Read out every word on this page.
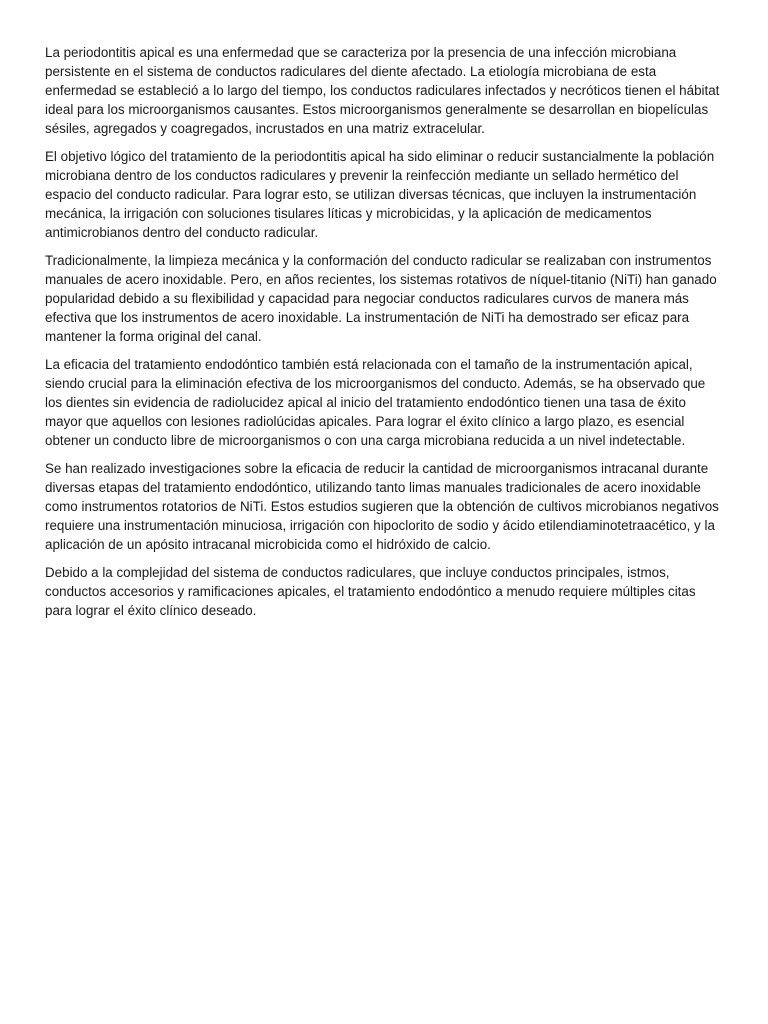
La periodontitis apical es una enfermedad que se caracteriza por la presencia de una infección microbiana persistente en el sistema de conductos radiculares del diente afectado. La etiología microbiana de esta enfermedad se estableció a lo largo del tiempo, los conductos radiculares infectados y necróticos tienen el hábitat ideal para los microorganismos causantes. Estos microorganismos generalmente se desarrollan en biopelículas sésiles, agregados y coagregados, incrustados en una matriz extracelular.

El objetivo lógico del tratamiento de la periodontitis apical ha sido eliminar o reducir sustancialmente la población microbiana dentro de los conductos radiculares y prevenir la reinfección mediante un sellado hermético del espacio del conducto radicular. Para lograr esto, se utilizan diversas técnicas, que incluyen la instrumentación mecánica, la irrigación con soluciones tisulares líticas y microbicidas, y la aplicación de medicamentos antimicrobianos dentro del conducto radicular.

Tradicionalmente, la limpieza mecánica y la conformación del conducto radicular se realizaban con instrumentos manuales de acero inoxidable. Pero, en años recientes, los sistemas rotativos de níquel-titanio (NiTi) han ganado popularidad debido a su flexibilidad y capacidad para negociar conductos radiculares curvos de manera más efectiva que los instrumentos de acero inoxidable. La instrumentación de NiTi ha demostrado ser eficaz para mantener la forma original del canal.

La eficacia del tratamiento endodóntico también está relacionada con el tamaño de la instrumentación apical, siendo crucial para la eliminación efectiva de los microorganismos del conducto. Además, se ha observado que los dientes sin evidencia de radiolucidez apical al inicio del tratamiento endodóntico tienen una tasa de éxito mayor que aquellos con lesiones radiolúcidas apicales. Para lograr el éxito clínico a largo plazo, es esencial obtener un conducto libre de microorganismos o con una carga microbiana reducida a un nivel indetectable.

Se han realizado investigaciones sobre la eficacia de reducir la cantidad de microorganismos intracanal durante diversas etapas del tratamiento endodóntico, utilizando tanto limas manuales tradicionales de acero inoxidable como instrumentos rotatorios de NiTi. Estos estudios sugieren que la obtención de cultivos microbianos negativos requiere una instrumentación minuciosa, irrigación con hipoclorito de sodio y ácido etilendiaminotetraacético, y la aplicación de un apósito intracanal microbicida como el hidróxido de calcio.

Debido a la complejidad del sistema de conductos radiculares, que incluye conductos principales, istmos, conductos accesorios y ramificaciones apicales, el tratamiento endodóntico a menudo requiere múltiples citas para lograr el éxito clínico deseado.
